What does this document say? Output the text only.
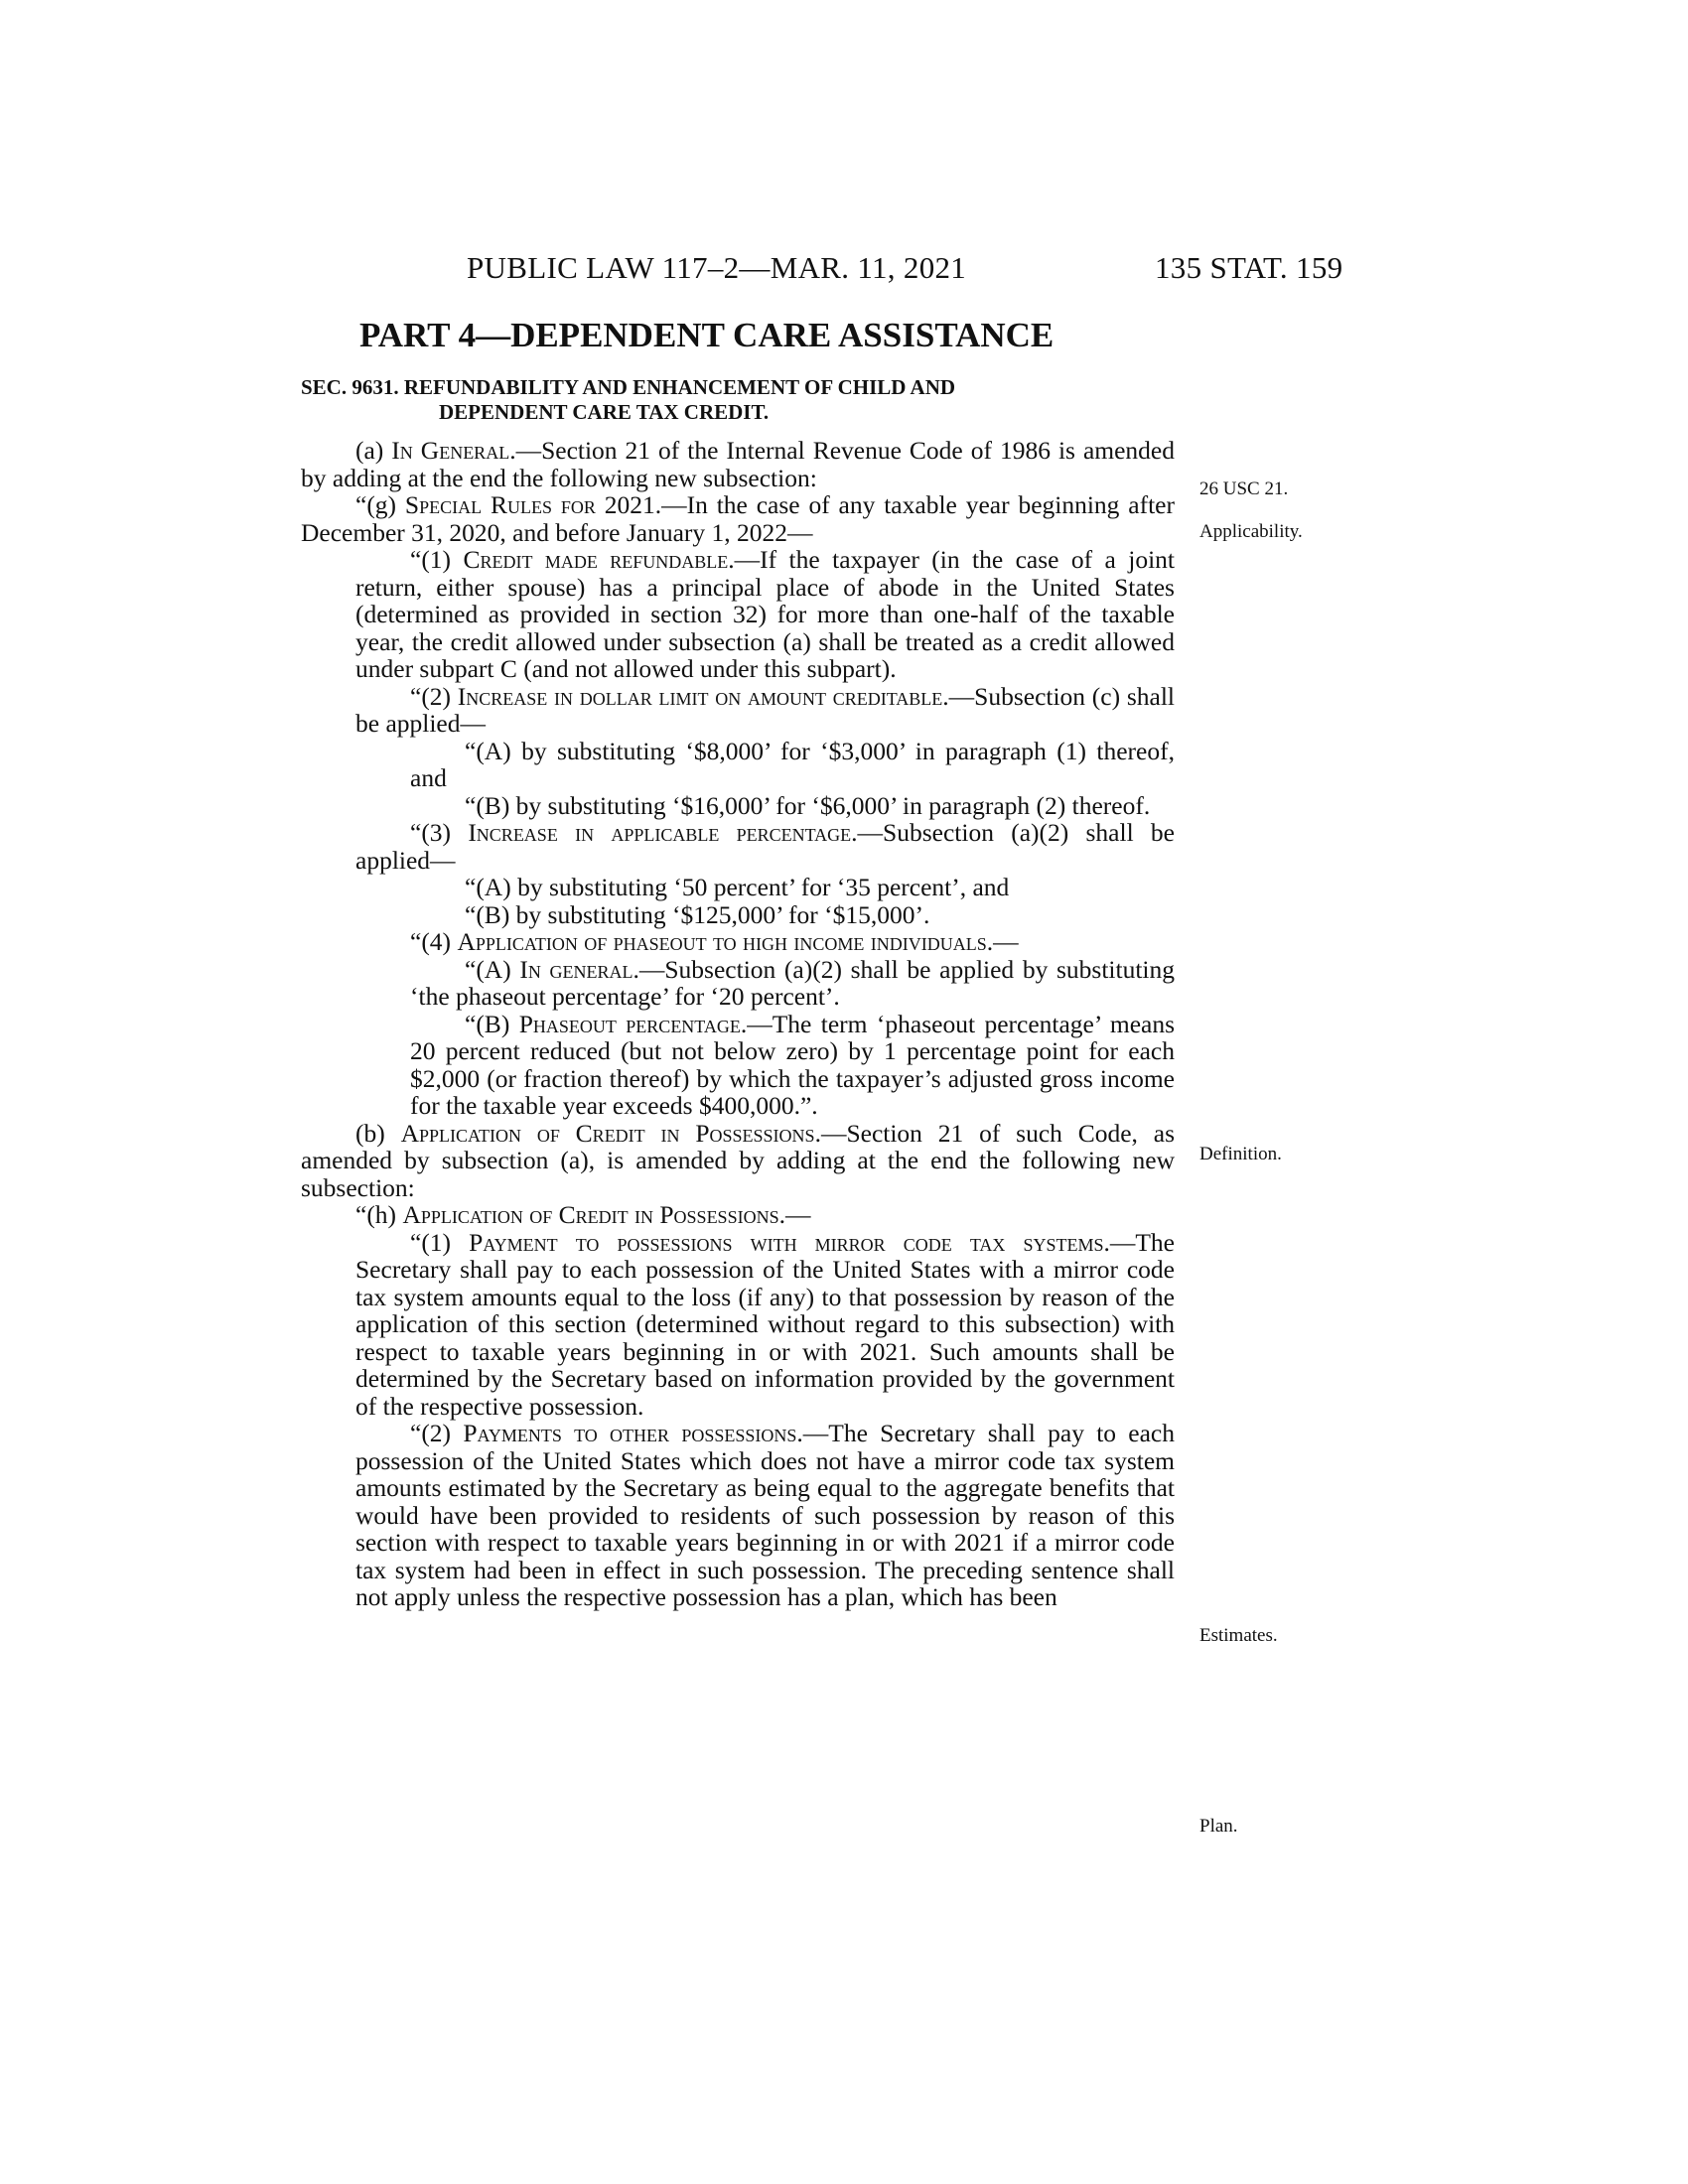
PUBLIC LAW 117–2—MAR. 11, 2021	135 STAT. 159
PART 4—DEPENDENT CARE ASSISTANCE
SEC. 9631. REFUNDABILITY AND ENHANCEMENT OF CHILD AND
DEPENDENT CARE TAX CREDIT.

(a) In General.—Section 21 of the Internal Revenue Code of 1986 is amended by adding at the end the following new subsection:

“(g) Special Rules for 2021.—In the case of any taxable year beginning after December 31, 2020, and before January 1, 2022—

“(1) Credit made refundable.—If the taxpayer (in the case of a joint return, either spouse) has a principal place of abode in the United States (determined as provided in section 32) for more than one-half of the taxable year, the credit allowed under subsection (a) shall be treated as a credit allowed under subpart C (and not allowed under this subpart).

“(2) Increase in dollar limit on amount creditable.—Subsection (c) shall be applied—

“(A) by substituting ‘$8,000’ for ‘$3,000’ in paragraph (1) thereof, and

“(B) by substituting ‘$16,000’ for ‘$6,000’ in paragraph (2) thereof.

“(3) Increase in applicable percentage.—Subsection (a)(2) shall be applied—

“(A) by substituting ‘50 percent’ for ‘35 percent’, and

“(B) by substituting ‘$125,000’ for ‘$15,000’.

“(4) Application of phaseout to high income individuals.—

“(A) In general.—Subsection (a)(2) shall be applied by substituting ‘the phaseout percentage’ for ‘20 percent’.

“(B) Phaseout percentage.—The term ‘phaseout percentage’ means 20 percent reduced (but not below zero) by 1 percentage point for each $2,000 (or fraction thereof) by which the taxpayer’s adjusted gross income for the taxable year exceeds $400,000.”.

(b) Application of Credit in Possessions.—Section 21 of such Code, as amended by subsection (a), is amended by adding at the end the following new subsection:

“(h) Application of Credit in Possessions.—

“(1) Payment to possessions with mirror code tax systems.—The Secretary shall pay to each possession of the United States with a mirror code tax system amounts equal to the loss (if any) to that possession by reason of the application of this section (determined without regard to this subsection) with respect to taxable years beginning in or with 2021. Such amounts shall be determined by the Secretary based on information provided by the government of the respective possession.

“(2) Payments to other possessions.—The Secretary shall pay to each possession of the United States which does not have a mirror code tax system amounts estimated by the Secretary as being equal to the aggregate benefits that would have been provided to residents of such possession by reason of this section with respect to taxable years beginning in or with 2021 if a mirror code tax system had been in effect in such possession. The preceding sentence shall not apply unless the respective possession has a plan, which has been

26 USC 21.
Applicability.
Definition.
Estimates.
Plan.
